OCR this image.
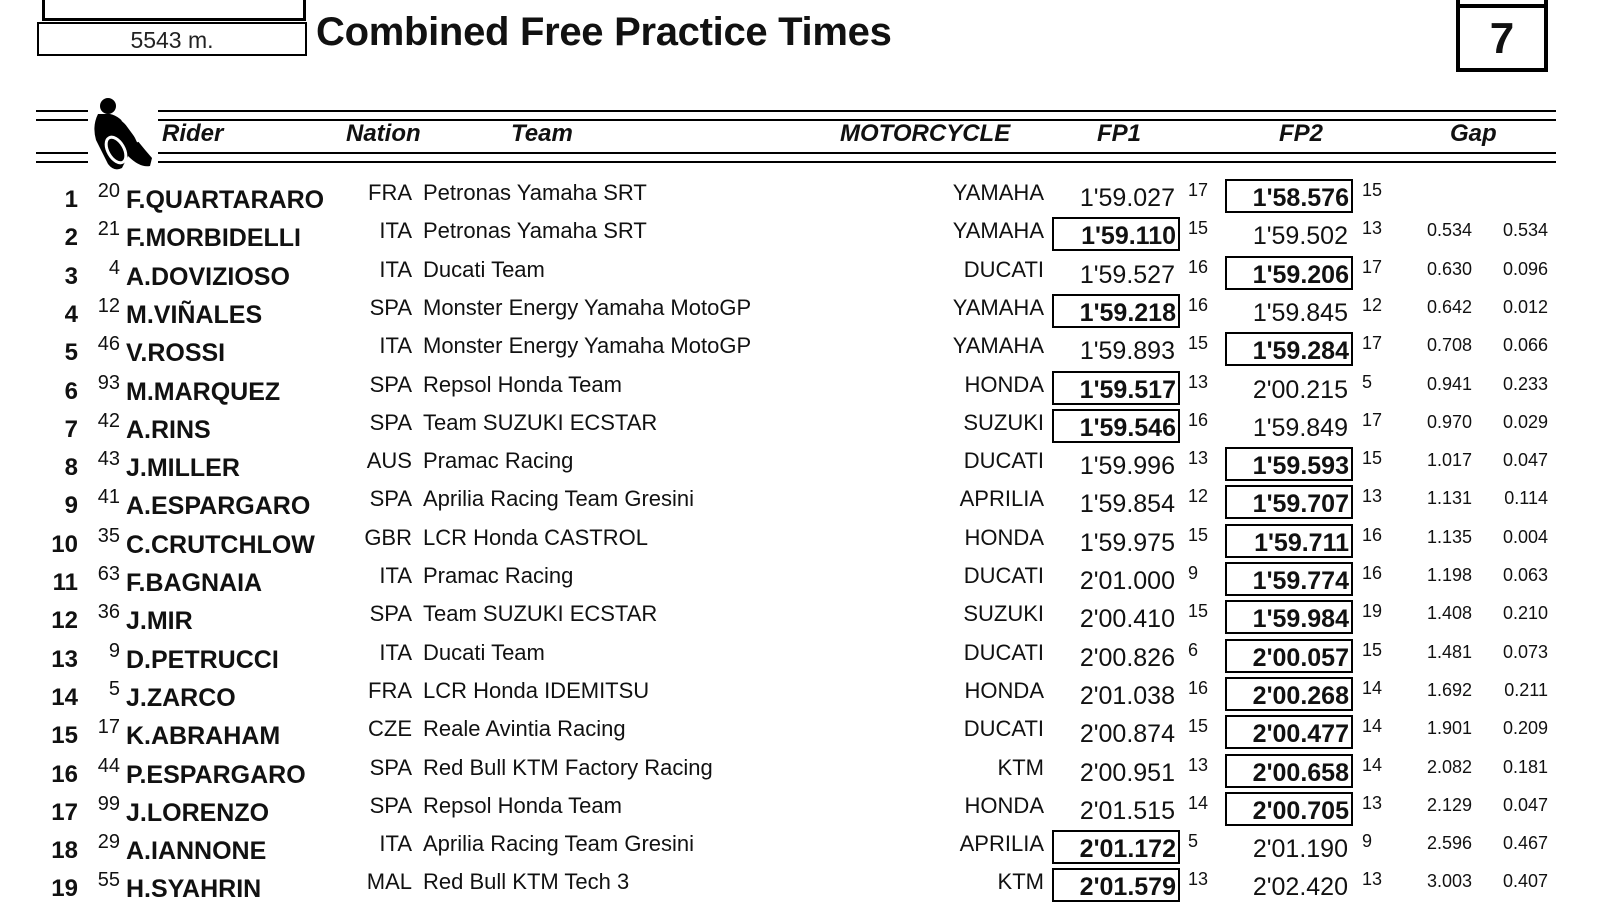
5543 m.	Combined Free Practice Times	7
Rider	Nation	Team	MOTORCYCLE	FP1	FP2	Gap
1 20 F.QUARTARARO	FRA Petronas Yamaha SRT	YAMAHA	1'59.027 17	1'58.576 15
2 21 F.MORBIDELLI	ITA Petronas Yamaha SRT	YAMAHA	1'59.110 15	1'59.502 13	0.534	0.534
3	4 A.DOVIZIOSO	ITA Ducati Team	DUCATI	1'59.527 16	1'59.206 17	0.630	0.096
4 12 M.VIÑALES	SPA Monster Energy Yamaha MotoGP	YAMAHA	1'59.218 16	1'59.845 12	0.642	0.012
5 46 V.ROSSI	ITA Monster Energy Yamaha MotoGP	YAMAHA	1'59.893 15	1'59.284 17	0.708	0.066
6 93 M.MARQUEZ	SPA Repsol Honda Team	HONDA	1'59.517 13	2'00.215 5	0.941	0.233
7 42 A.RINS	SPA Team SUZUKI ECSTAR	SUZUKI	1'59.546 16	1'59.849 17	0.970	0.029
8 43 J.MILLER	AUS Pramac Racing	DUCATI	1'59.996 13	1'59.593 15	1.017	0.047
9 41 A.ESPARGARO	SPA Aprilia Racing Team Gresini	APRILIA	1'59.854 12	1'59.707 13	1.131	0.114
10 35 C.CRUTCHLOW	GBR LCR Honda CASTROL	HONDA	1'59.975 15	1'59.711 16	1.135	0.004
11 63 F.BAGNAIA	ITA Pramac Racing	DUCATI	2'01.000 9	1'59.774 16	1.198	0.063
12 36 J.MIR	SPA Team SUZUKI ECSTAR	SUZUKI	2'00.410 15	1'59.984 19	1.408	0.210
13	9 D.PETRUCCI	ITA Ducati Team	DUCATI	2'00.826 6	2'00.057 15	1.481	0.073
14	5 J.ZARCO	FRA LCR Honda IDEMITSU	HONDA	2'01.038 16	2'00.268 14	1.692	0.211
15 17 K.ABRAHAM	CZE Reale Avintia Racing	DUCATI	2'00.874 15	2'00.477 14	1.901	0.209
16 44 P.ESPARGARO	SPA Red Bull KTM Factory Racing	KTM	2'00.951 13	2'00.658 14	2.082	0.181
17 99 J.LORENZO	SPA Repsol Honda Team	HONDA	2'01.515 14	2'00.705 13	2.129	0.047
18 29 A.IANNONE	ITA Aprilia Racing Team Gresini	APRILIA	2'01.172 5	2'01.190 9	2.596	0.467
19 55 H.SYAHRIN	MAL Red Bull KTM Tech 3	KTM	2'01.579 13	2'02.420 13	3.003	0.407
